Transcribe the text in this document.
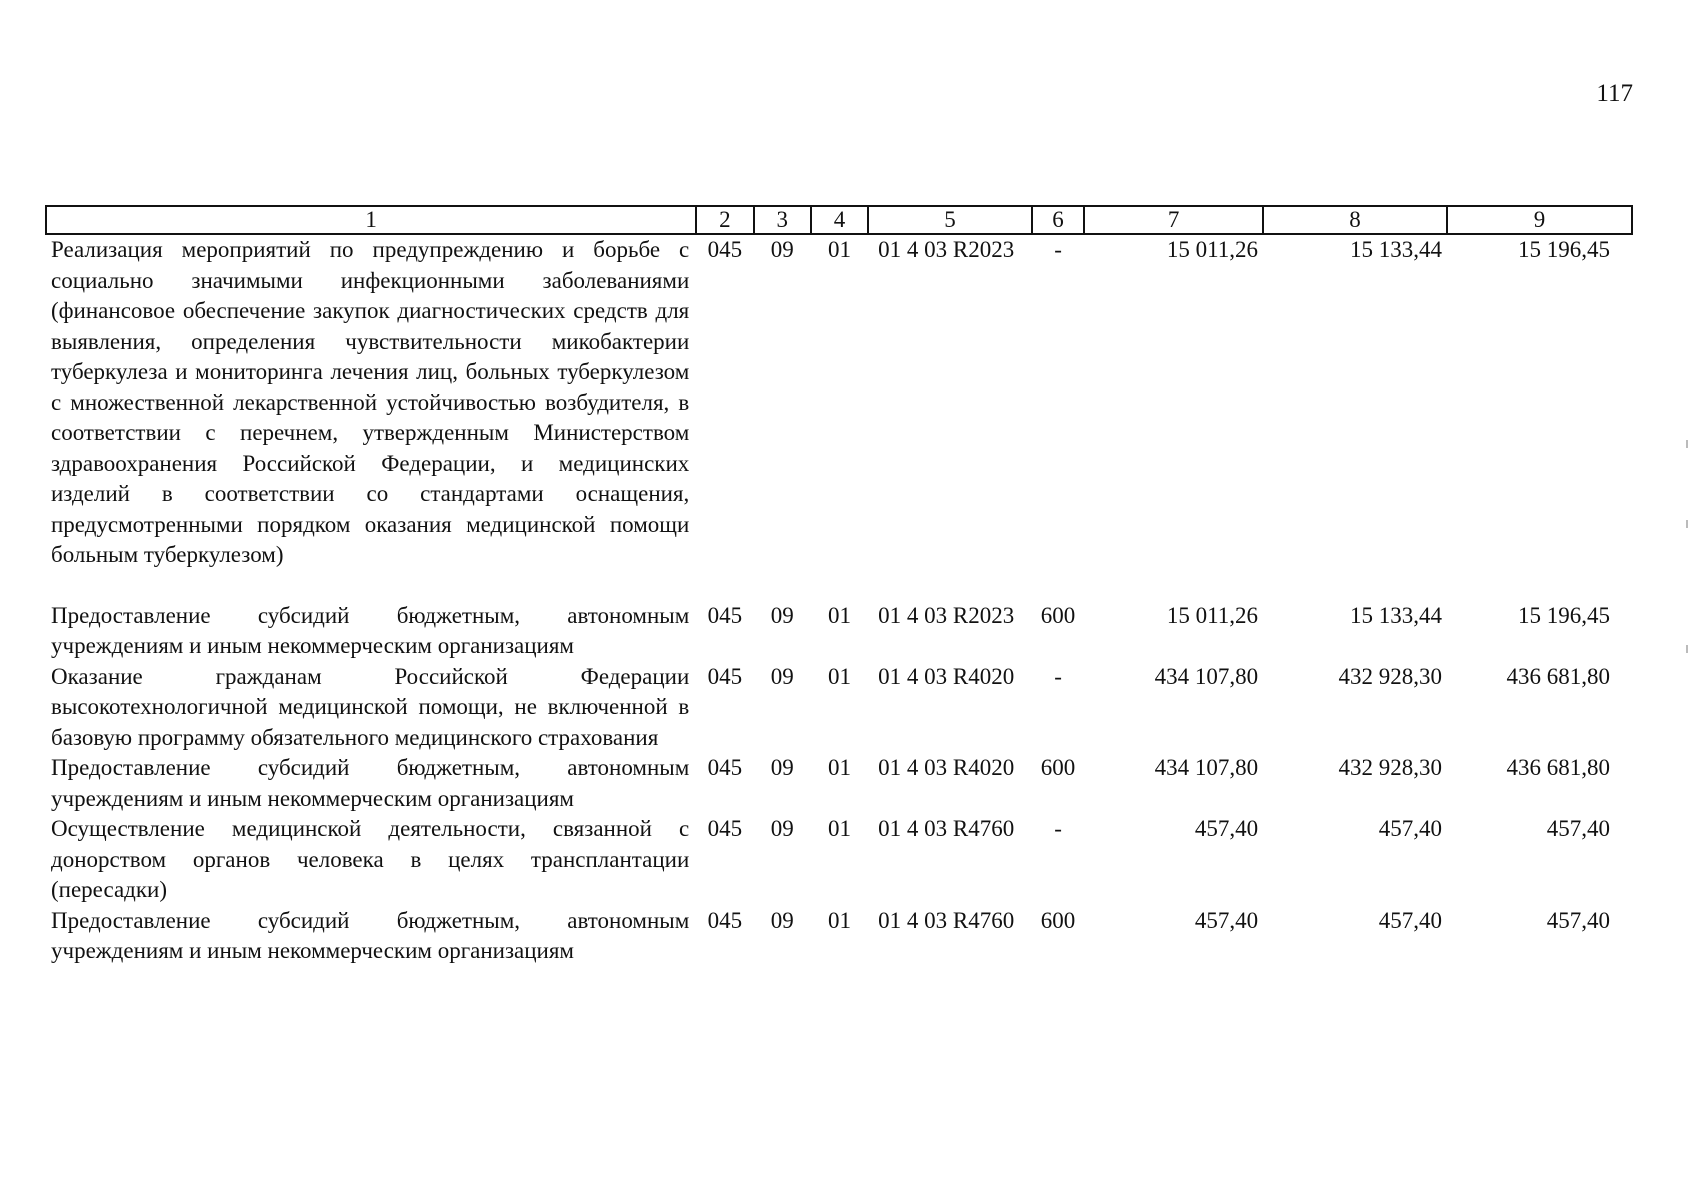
117
1	2	3	4	5	6	7	8	9
Реализация мероприятий по предупреждению и борьбе с социально значимыми инфекционными заболеваниями (финансовое обеспечение закупок диагностических средств для выявления, определения чувствительности микобактерии туберкулеза и мониторинга лечения лиц, больных туберкулезом с множественной лекарственной устойчивостью возбудителя, в соответствии с перечнем, утвержденным Министерством здравоохранения Российской Федерации, и медицинских изделий в соответствии со стандартами оснащения, предусмотренными порядком оказания медицинской помощи больным туберкулезом)	045	09	01	01 4 03 R2023	-	15 011,26	15 133,44	15 196,45

Предоставление субсидий бюджетным, автономным учреждениям и иным некоммерческим организациям	045	09	01	01 4 03 R2023	600	15 011,26	15 133,44	15 196,45
Оказание гражданам Российской Федерации высокотехнологичной медицинской помощи, не включенной в базовую программу обязательного медицинского страхования	045	09	01	01 4 03 R4020	-	434 107,80	432 928,30	436 681,80
Предоставление субсидий бюджетным, автономным учреждениям и иным некоммерческим организациям	045	09	01	01 4 03 R4020	600	434 107,80	432 928,30	436 681,80
Осуществление медицинской деятельности, связанной с донорством органов человека в целях трансплантации (пересадки)	045	09	01	01 4 03 R4760	-	457,40	457,40	457,40
Предоставление субсидий бюджетным, автономным учреждениям и иным некоммерческим организациям	045	09	01	01 4 03 R4760	600	457,40	457,40	457,40
